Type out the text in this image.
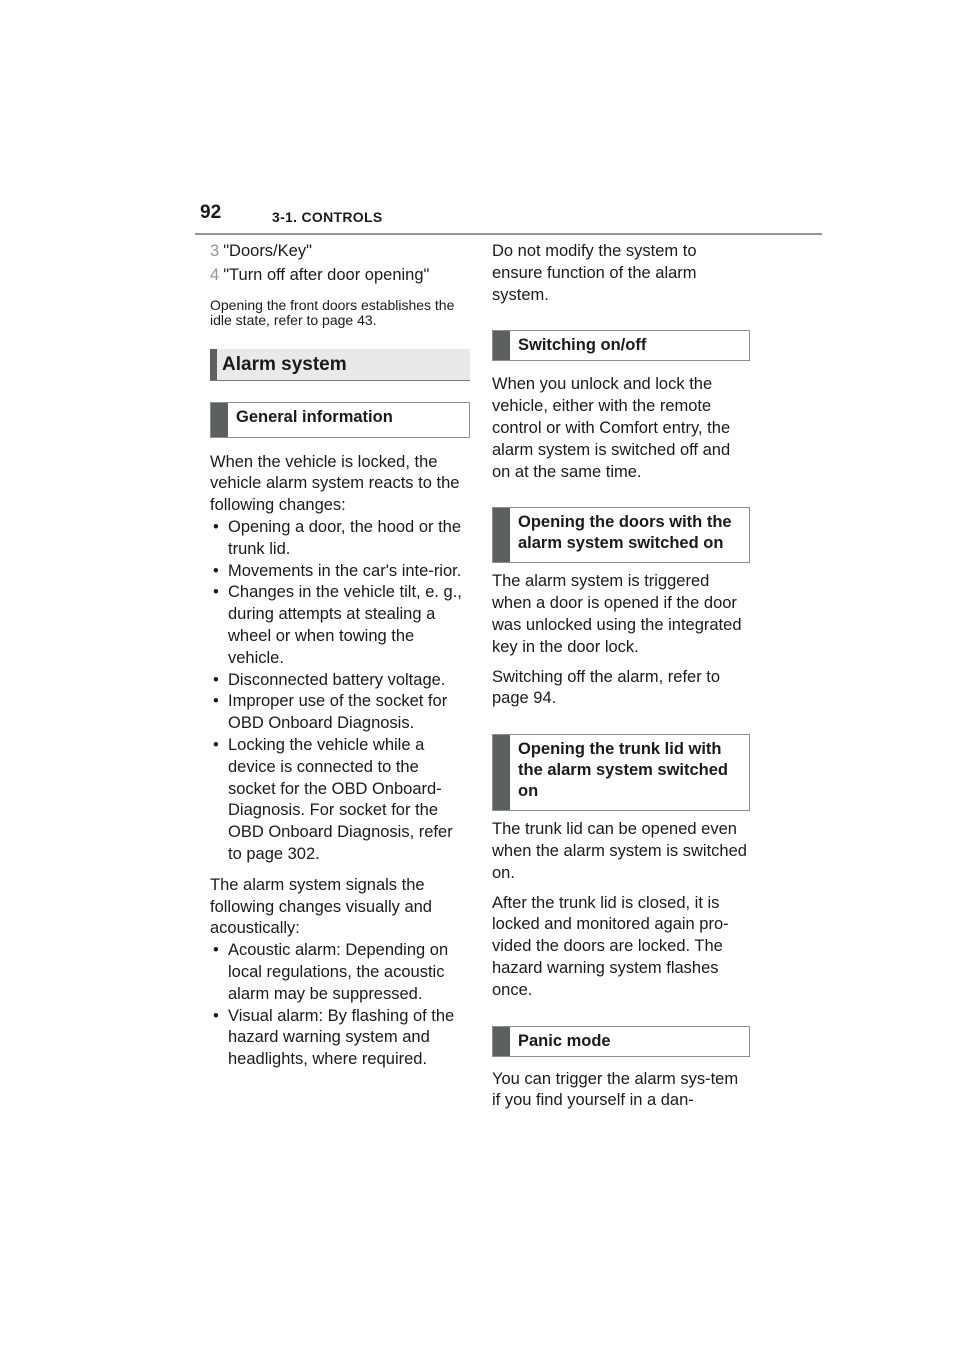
92	3-1. CONTROLS
3 "Doors/Key"
4 "Turn off after door opening"

Opening the front doors establishes the idle state, refer to page 43.

Alarm system
General information

When the vehicle is locked, the vehicle alarm system reacts to the following changes:

• Opening a door, the hood or the trunk lid.
• Movements in the car's inte-rior.
• Changes in the vehicle tilt, e. g., during attempts at stealing a wheel or when towing the vehicle.
• Disconnected battery voltage.
• Improper use of the socket for OBD Onboard Diagnosis.
• Locking the vehicle while a device is connected to the socket for the OBD Onboard-Diagnosis. For socket for the OBD Onboard Diagnosis, refer to page 302.

The alarm system signals the following changes visually and acoustically:

• Acoustic alarm: Depending on local regulations, the acoustic alarm may be suppressed.
• Visual alarm: By flashing of the hazard warning system and headlights, where required.

Do not modify the system to ensure function of the alarm system.

Switching on/off

When you unlock and lock the vehicle, either with the remote control or with Comfort entry, the alarm system is switched off and on at the same time.

Opening the doors with the alarm system switched on

The alarm system is triggered when a door is opened if the door was unlocked using the integrated key in the door lock.

Switching off the alarm, refer to page 94.

Opening the trunk lid with the alarm system switched on

The trunk lid can be opened even when the alarm system is switched on.

After the trunk lid is closed, it is locked and monitored again pro-vided the doors are locked. The hazard warning system flashes once.

Panic mode

You can trigger the alarm sys-tem if you find yourself in a dan-
